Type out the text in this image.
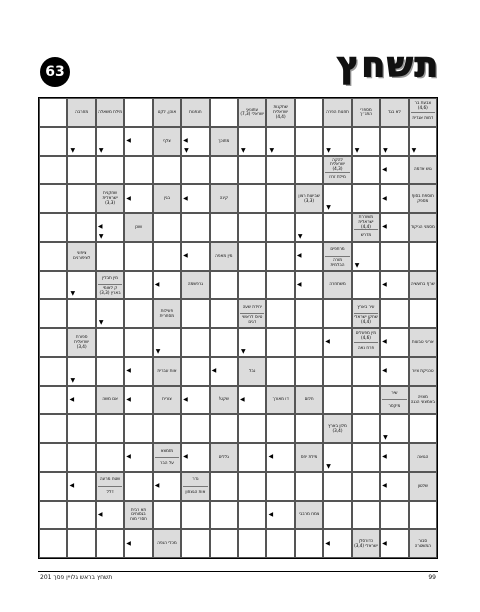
תשחץ
63
צבעת בר (4,6)
דמות אגדית
לא בגד
מספרי התנ״ך
תחנות הפרה
שתקנות ישראלית (4,4)
עתונאי ישראלי (7,3)
חנפנות
אוהן, לקט
מילת משאלה
מחרבה
▼
▼
▼
▼
▼
▼
מתוכך
▼
◀
צלף
◀
▼
▼
גוש אדמה
◀
להקה ישראלית (4,3)
מילת זרוז
תוספת בסוף מספק
◀
▼
שביעות רצון (3,3)
קינה
◀
בגין
◀
שחקנית ישראלית (3,3)
מסמני הניקוד
◀
משוררת ישראלית (4,4)
מדרש
▼
שוכן
▼
◀
▼
מרתפים
מורה הבלמית
◀
מין מאפה
◀
ציפוני לציפורנים
שרף בתעשיה
◀
משתחרה
◀
גרפשמה
◀
מין תבלין
ק לאומי בארץ (3,3)
▼
עיר בארץ
שחקן ישראלי (4,4)
יחידת שעה
טיוס לראשי דגים
פעילות מסחרית
▼
אריגי טבעות
◀
מין מפעלים (4,6)
פרח נאה
◀
▼
▼
ספורת ישראלית (3,4)
טכניקת ציור
◀
נבל
◀
אות עברית
◀
▼
מצויה באמצעי הנגה
שיר
מיקסר
חלום
דו מאורך
◀
שקט!
◀
צורית
◀
אם משה
◀
▼
מלון בארץ (3,4)
הגואה
◀
▼
מילת יחס
◀
גללים
◀
מזמצא
על הבר
◀
שלטון
◀
נדר
אות הגצחון
◀
שטח מרעה
דלל
◀
צמח מרבבי
◀
תא רבית בגסוחים חסרי מוח
◀
סבור המשטרה
◀
כדורסלן ישראלי (3,4)
◀
מכלי הנפה
◀
תשחץ בראש גלויין פסך 201	99
